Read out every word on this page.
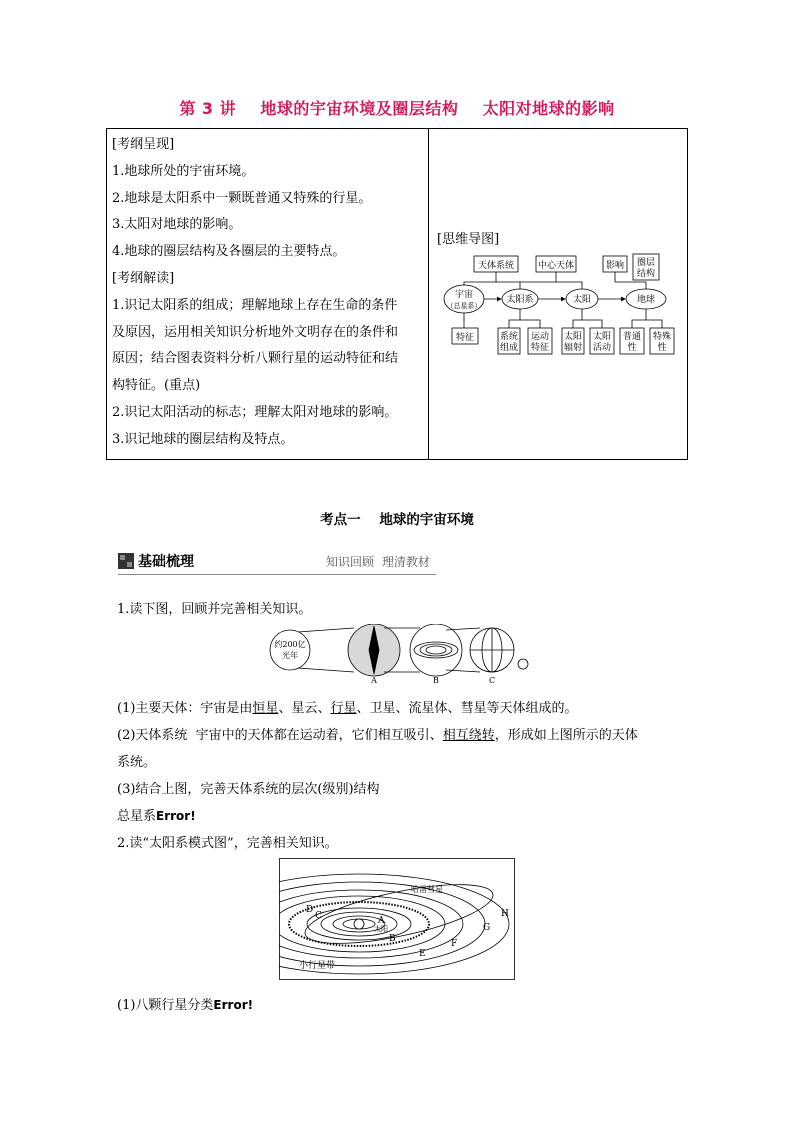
第 3 讲    地球的宇宙环境及圈层结构    太阳对地球的影响
[考纲呈现]
1.地球所处的宇宙环境。
2.地球是太阳系中一颗既普通又特殊的行星。
3.太阳对地球的影响。
4.地球的圈层结构及各圈层的主要特点。
[考纲解读]
1.识记太阳系的组成；理解地球上存在生命的条件
及原因，运用相关知识分析地外文明存在的条件和
原因；结合图表资料分析八颗行星的运动特征和结
构特征。(重点)
2.识记太阳活动的标志；理解太阳对地球的影响。
3.识记地球的圈层结构及特点。
[思维导图]
天体系统	中心天体	影响 圈层
结构
宇宙
（总星系）
太阳系	太阳	地球
特征	系统
组成
运动
特征
太阳
辐射
太阳
活动
普通
性
特殊
性
考点一    地球的宇宙环境
基础梳理	知识回顾 理清教材
1.读下图，回顾并完善相关知识。
约200亿
光年
A	B	C
(1)主要天体：宇宙是由恒星、星云、行星、卫星、流星体、彗星等天体组成的。
(2)天体系统  宇宙中的天体都在运动着，它们相互吸引、相互绕转，形成如上图所示的天体
系统。
(3)结合上图，完善天体系统的层次(级别)结构
总星系Error!
2.读“太阳系模式图”，完善相关知识。
哈雷彗星
小行星带
太阳
A
B
C
D
E
F
G
H
(1)八颗行星分类Error!
